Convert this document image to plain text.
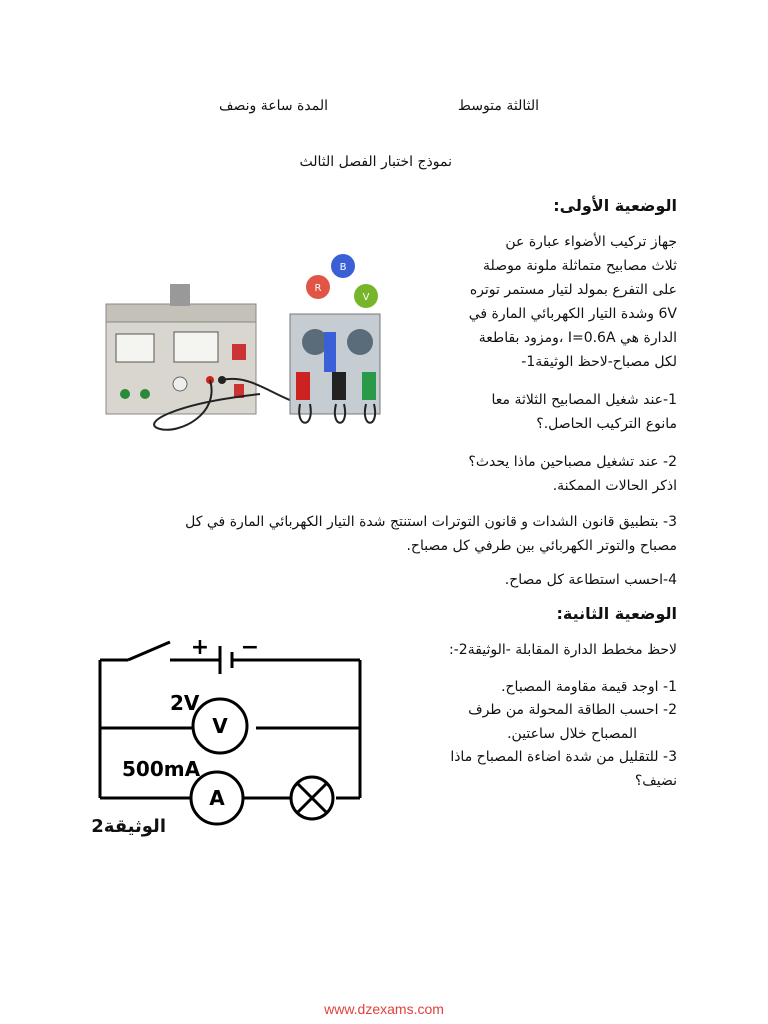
الثالثة متوسط
المدة ساعة ونصف
نموذج اختبار الفصل الثالث
الوضعية الأولى:
جهاز تركيب الأضواء عبارة عن
ثلاث مصابيح متماثلة ملونة موصلة
على التفرع بمولد لتيار مستمر توتره
6V وشدة التيار الكهربائي المارة في
الدارة هي I=0.6A ،ومزود بقاطعة
لكل مصباح-لاحظ الوثيقة1-
1-عند شغيل المصابيح الثلاثة معا
مانوع التركيب الحاصل.؟
2- عند تشغيل مصباحين ماذا يحدث؟
اذكر الحالات الممكنة.
3- بتطبيق قانون الشدات و قانون التوترات استنتج شدة التيار الكهربائي المارة في كل
مصباح والتوتر الكهربائي بين طرفي كل مصباح.
4-احسب استطاعة كل مصاح.
B
R
V
الوضعية الثانية:
لاحظ مخطط الدارة المقابلة -الوثيقة2-:
1- اوجد قيمة مقاومة المصباح.
2- احسب الطاقة المحولة من طرف
المصباح خلال ساعتين.
3- للتقليل من شدة اضاءة المصباح ماذا
نضيف؟
V
A
+ −
2V
500mA
الوثيقة2
www.dzexams.com
